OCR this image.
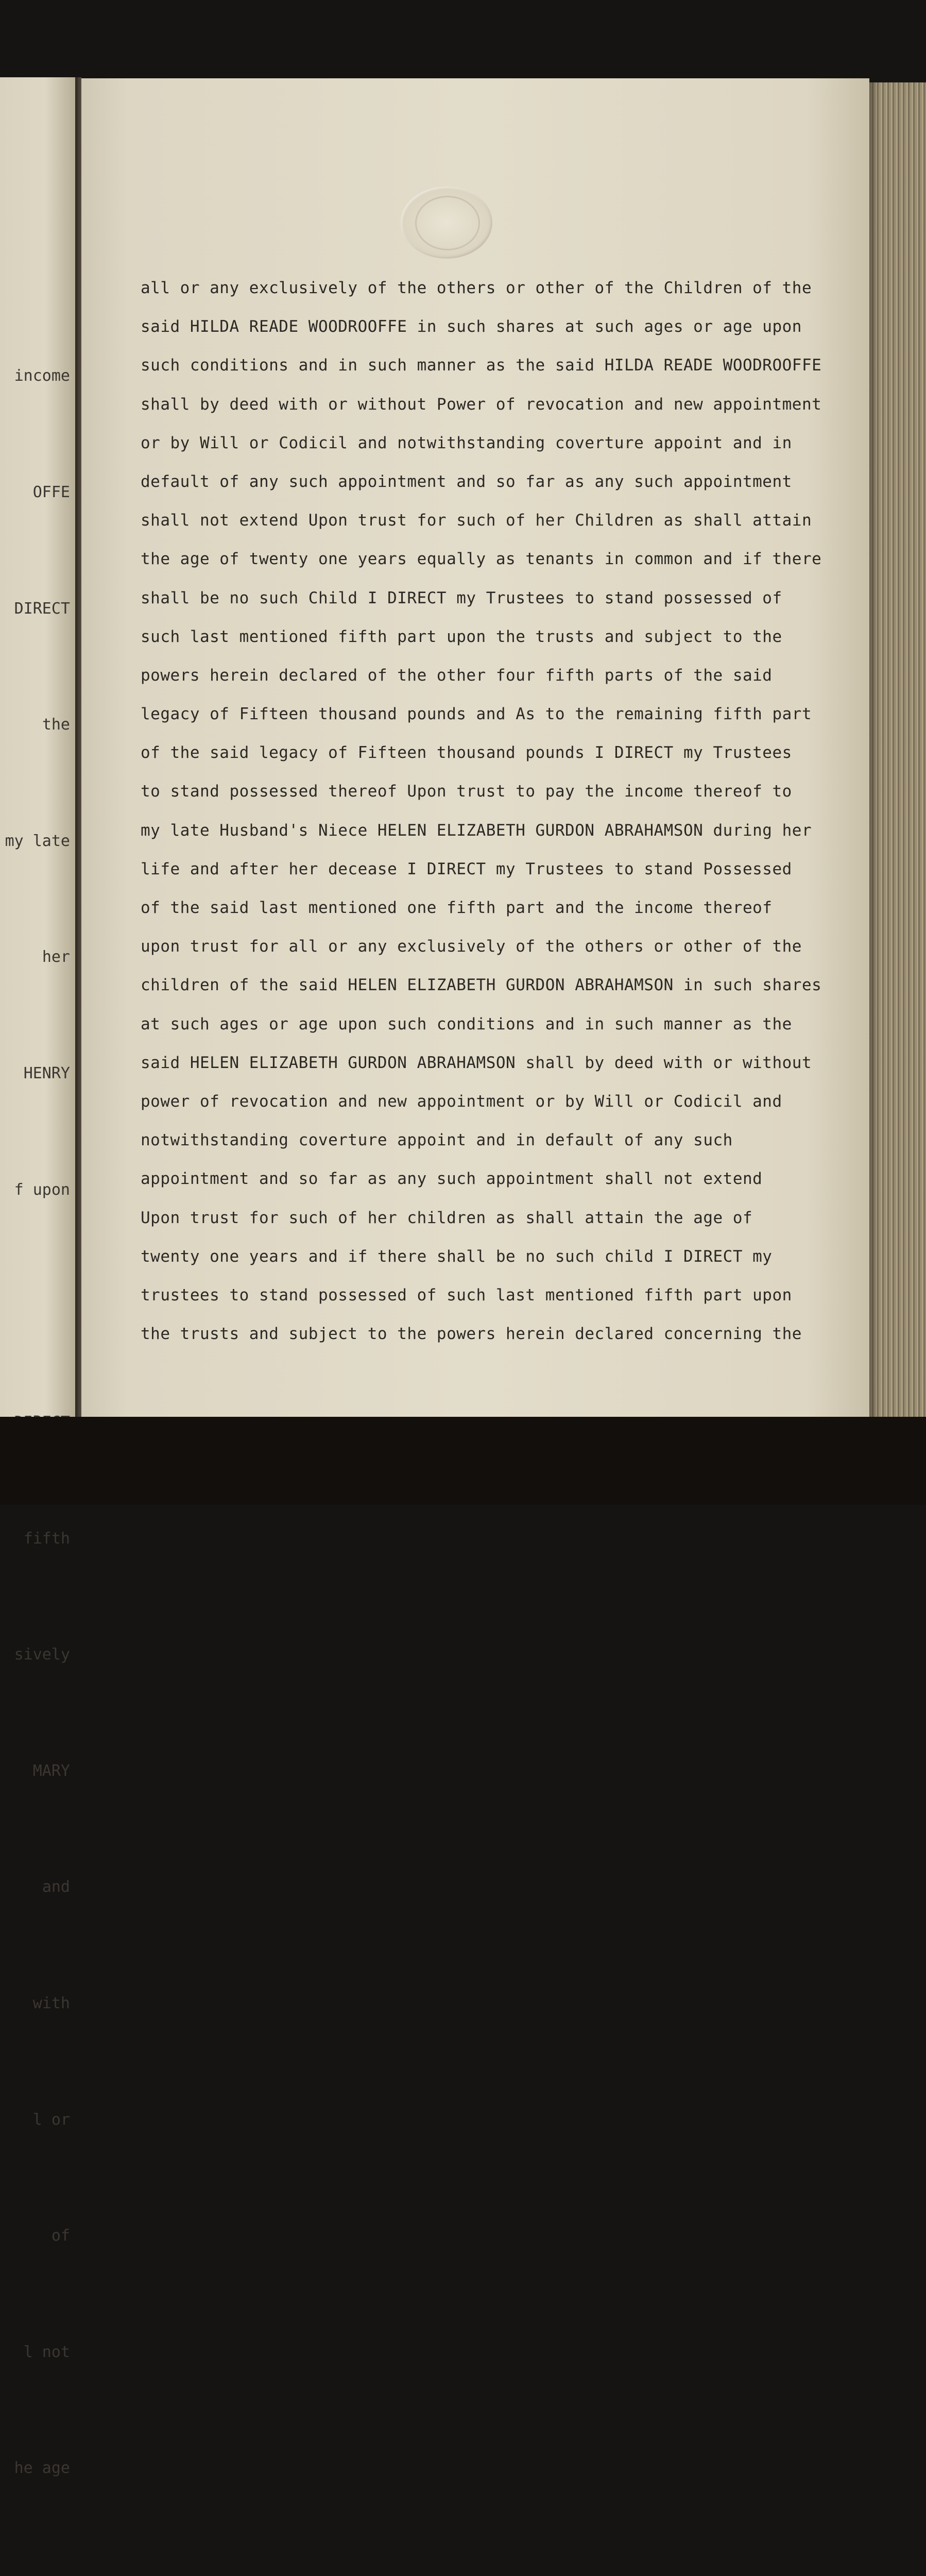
income

OFFE

DIRECT

the

my late

her

HENRY

f upon

fifth

sively

MARY

and

with

l or

of

l not

he age

all or any exclusively of the others or other of the Children of the
said HILDA READE WOODROOFFE in such shares at such ages or age upon
such conditions and in such manner as the said HILDA READE WOODROOFFE
shall by deed with or without Power of revocation and new appointment
or by Will or Codicil and notwithstanding coverture appoint and in
default of any such appointment and so far as any such appointment
shall not extend Upon trust for such of her Children as shall attain
the age of twenty one years equally as tenants in common and if there
shall be no such Child I DIRECT my Trustees to stand possessed of
such last mentioned fifth part upon the trusts and subject to the
powers herein declared of the other four fifth parts of the said
legacy of Fifteen thousand pounds and As to the remaining fifth part
of the said legacy of Fifteen thousand pounds I DIRECT my Trustees
to stand possessed thereof Upon trust to pay the income thereof to
my late Husband's Niece HELEN ELIZABETH GURDON ABRAHAMSON during her
life and after her decease I DIRECT my Trustees to stand Possessed
of the said last mentioned one fifth part and the income thereof
upon trust for all or any exclusively of the others or other of the
children of the said HELEN ELIZABETH GURDON ABRAHAMSON in such shares
at such ages or age upon such conditions and in such manner as the
said HELEN ELIZABETH GURDON ABRAHAMSON shall by deed with or without
power of revocation and new appointment or by Will or Codicil and
notwithstanding coverture appoint and in default of any such
appointment and so far as any such appointment shall not extend
Upon trust for such of her children as shall attain the age of
twenty one years and if there shall be no such child I DIRECT my
trustees to stand possessed of such last mentioned fifth part upon
the trusts and subject to the powers herein declared concerning the
